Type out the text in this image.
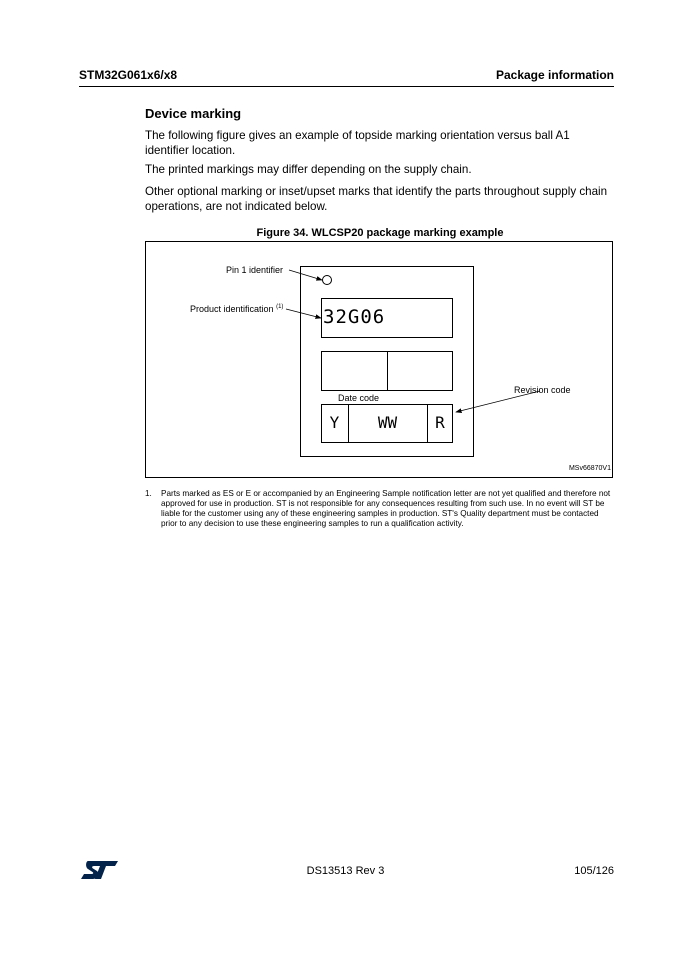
STM32G061x6/x8	Package information
Device marking
The following figure gives an example of topside marking orientation versus ball A1 identifier location.
The printed markings may differ depending on the supply chain.
Other optional marking or inset/upset marks that identify the parts throughout supply chain operations, are not indicated below.
Figure 34. WLCSP20 package marking example
32G06
Y	WW	R
Pin 1 identifier
Product identification $^{(1)}$
Date code
Revision code
MSv66870V1
1. Parts marked as ES or E or accompanied by an Engineering Sample notification letter are not yet qualified and therefore not approved for use in production. ST is not responsible for any consequences resulting from such use. In no event will ST be liable for the customer using any of these engineering samples in production. ST's Quality department must be contacted prior to any decision to use these engineering samples to run a qualification activity.
DS13513 Rev 3	105/126
